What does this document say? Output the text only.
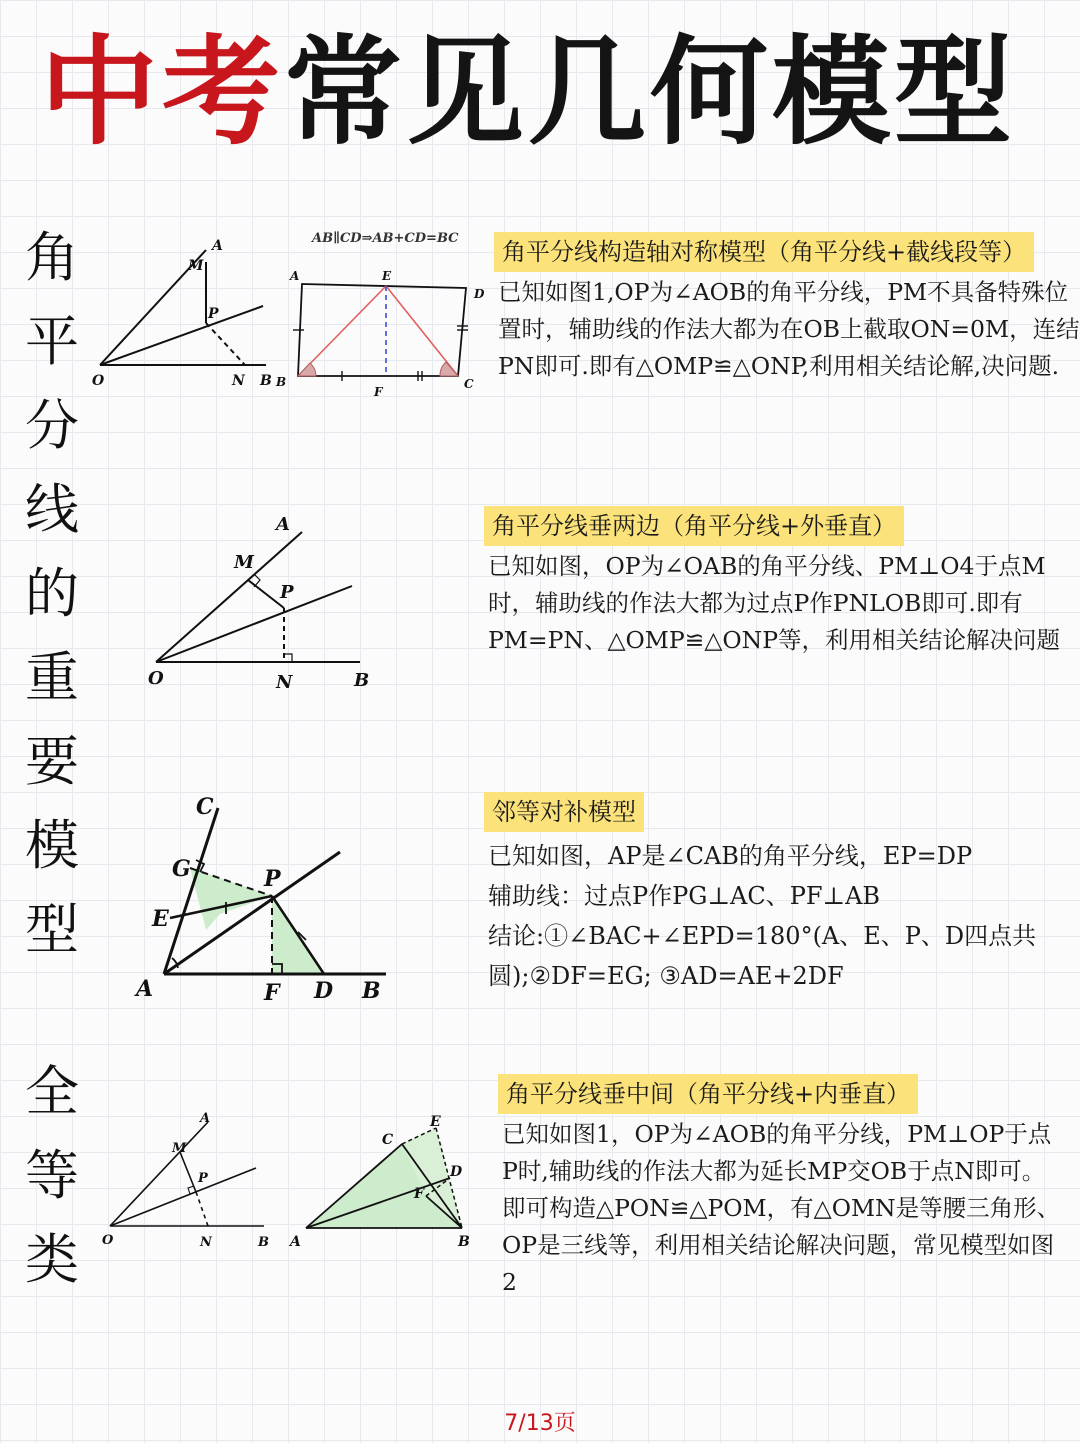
中考常见几何模型
角
平
分
线
的
重
要
模
型
全
等
类
A
M
P
O	N B
AB∥CD⇒AB+CD=BC
A	E
D
B
F
C
角平分线构造轴对称模型（角平分线+截线段等）

已知如图1,OP为∠AOB的角平分线，PM不具备特殊位置时，辅助线的作法大都为在OB上截取ON=0M，连结PN即可.即有△OMP≌△ONP,利用相关结论解,决问题.

A
M
P
O	N	B
角平分线垂两边（角平分线+外垂直）

已知如图，OP为∠OAB的角平分线、PM⊥O4于点M时，辅助线的作法大都为过点P作PNLOB即可.即有PM=PN、△OMP≌△ONP等，利用相关结论解决问题

C
G	P
E
A	F D B
邻等对补模型

已知如图，AP是∠CAB的角平分线，EP=DP
辅助线：过点P作PG⊥AC、PF⊥AB
结论:①∠BAC+∠EPD=180°(A、E、P、D四点共圆);②DF=EG; ③AD=AE+2DF

A
M
P
O	N	B
C
E
D
F
A	B
角平分线垂中间（角平分线+内垂直）

已知如图1，OP为∠AOB的角平分线，PM⊥OP于点P时,辅助线的作法大都为延长MP交OB于点N即可。即可构造△PON≌△POM，有△OMN是等腰三角形、OP是三线等，利用相关结论解决问题，常见模型如图2

7/13页
